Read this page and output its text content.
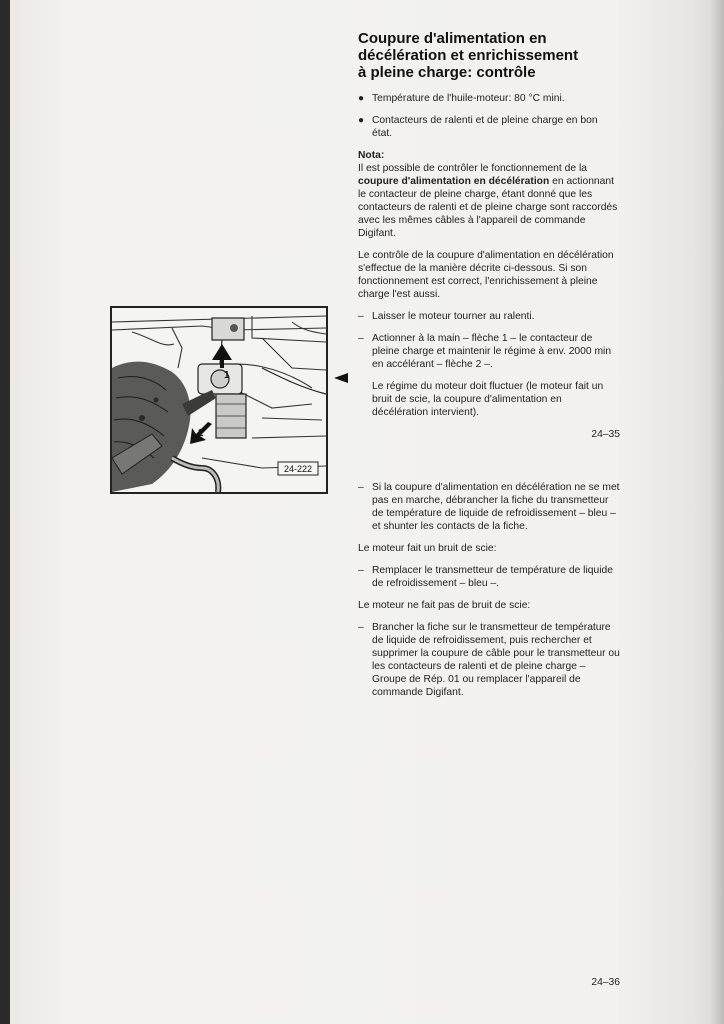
24-222
1
2
Coupure d'alimentation en
décélération et enrichissement
à pleine charge: contrôle
● Température de l'huile-moteur: 80 °C mini.
● Contacteurs de ralenti et de pleine charge en bon état.
Nota:

Il est possible de contrôler le fonctionnement de la coupure d'alimentation en décélération en actionnant le contacteur de pleine charge, étant donné que les contacteurs de ralenti et de pleine charge sont raccordés avec les mêmes câbles à l'appareil de commande Digifant.

Le contrôle de la coupure d'alimentation en décélération s'effectue de la manière décrite ci-dessous. Si son fonctionnement est correct, l'enrichissement à pleine charge l'est aussi.

– Laisser le moteur tourner au ralenti.
– Actionner à la main – flèche 1 – le contacteur de pleine charge et maintenir le régime à env. 2000 min en accélérant – flèche 2 –.
Le régime du moteur doit fluctuer (le moteur fait un bruit de scie, la coupure d'alimentation en décélération intervient).
24–35
– Si la coupure d'alimentation en décélération ne se met pas en marche, débrancher la fiche du transmetteur de température de liquide de refroidissement – bleu – et shunter les contacts de la fiche.

Le moteur fait un bruit de scie:

– Remplacer le transmetteur de température de liquide de refroidissement – bleu –.

Le moteur ne fait pas de bruit de scie:

– Brancher la fiche sur le transmetteur de température de liquide de refroidissement, puis rechercher et supprimer la coupure de câble pour le transmetteur ou les contacteurs de ralenti et de pleine charge – Groupe de Rép. 01 ou remplacer l'appareil de commande Digifant.
24–36
